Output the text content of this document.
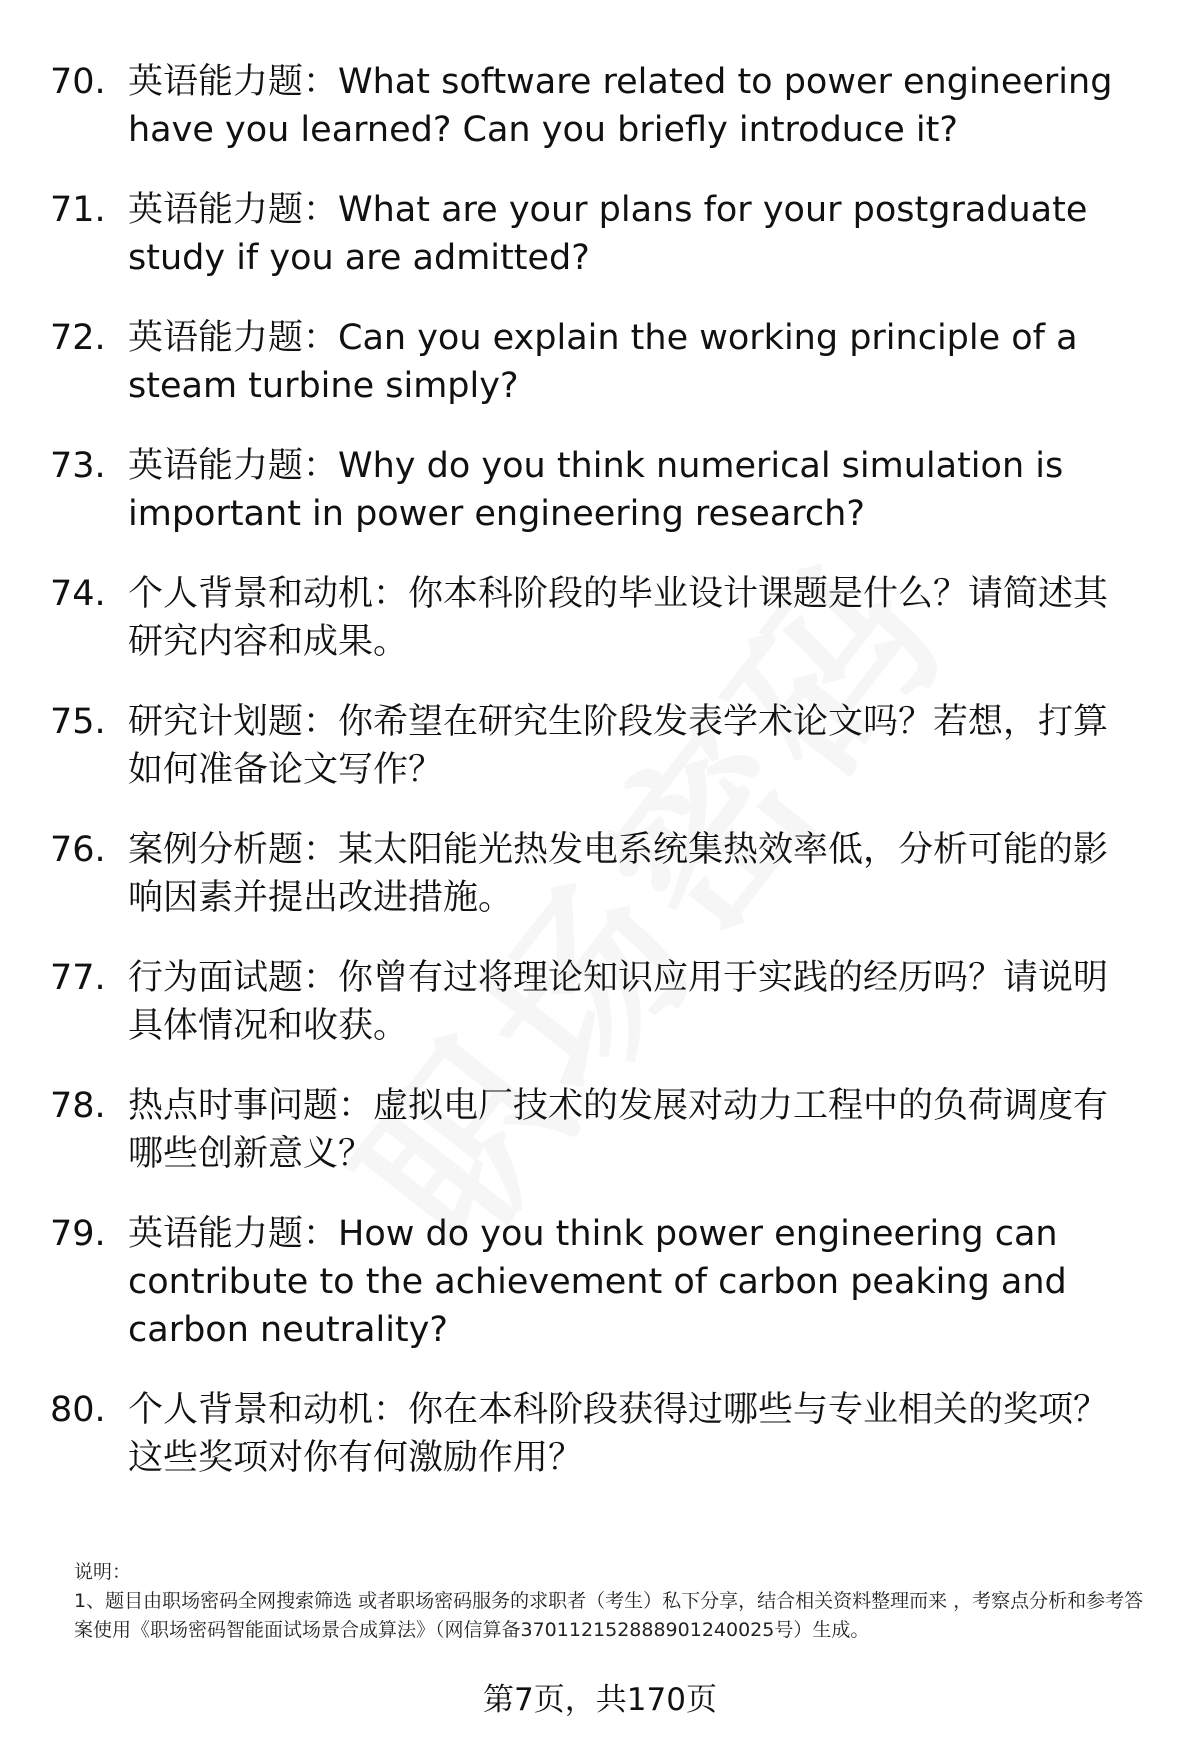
70. 英语能力题：What software related to power engineering have you learned? Can you briefly introduce it?
71. 英语能力题：What are your plans for your postgraduate study if you are admitted?
72. 英语能力题：Can you explain the working principle of a steam turbine simply?
73. 英语能力题：Why do you think numerical simulation is important in power engineering research?
74. 个人背景和动机：你本科阶段的毕业设计课题是什么？请简述其研究内容和成果。
75. 研究计划题：你希望在研究生阶段发表学术论文吗？若想，打算如何准备论文写作？
76. 案例分析题：某太阳能光热发电系统集热效率低，分析可能的影响因素并提出改进措施。
77. 行为面试题：你曾有过将理论知识应用于实践的经历吗？请说明具体情况和收获。
78. 热点时事问题：虚拟电厂技术的发展对动力工程中的负荷调度有哪些创新意义？
79. 英语能力题：How do you think power engineering can contribute to the achievement of carbon peaking and carbon neutrality?
80. 个人背景和动机：你在本科阶段获得过哪些与专业相关的奖项？这些奖项对你有何激励作用？

说明：

1、题目由职场密码全网搜索筛选 或者职场密码服务的求职者（考生）私下分享，结合相关资料整理而来 ，考察点分析和参考答案使用《职场密码智能面试场景合成算法》（网信算备370112152888901240025号）生成。

第7页，共170页
